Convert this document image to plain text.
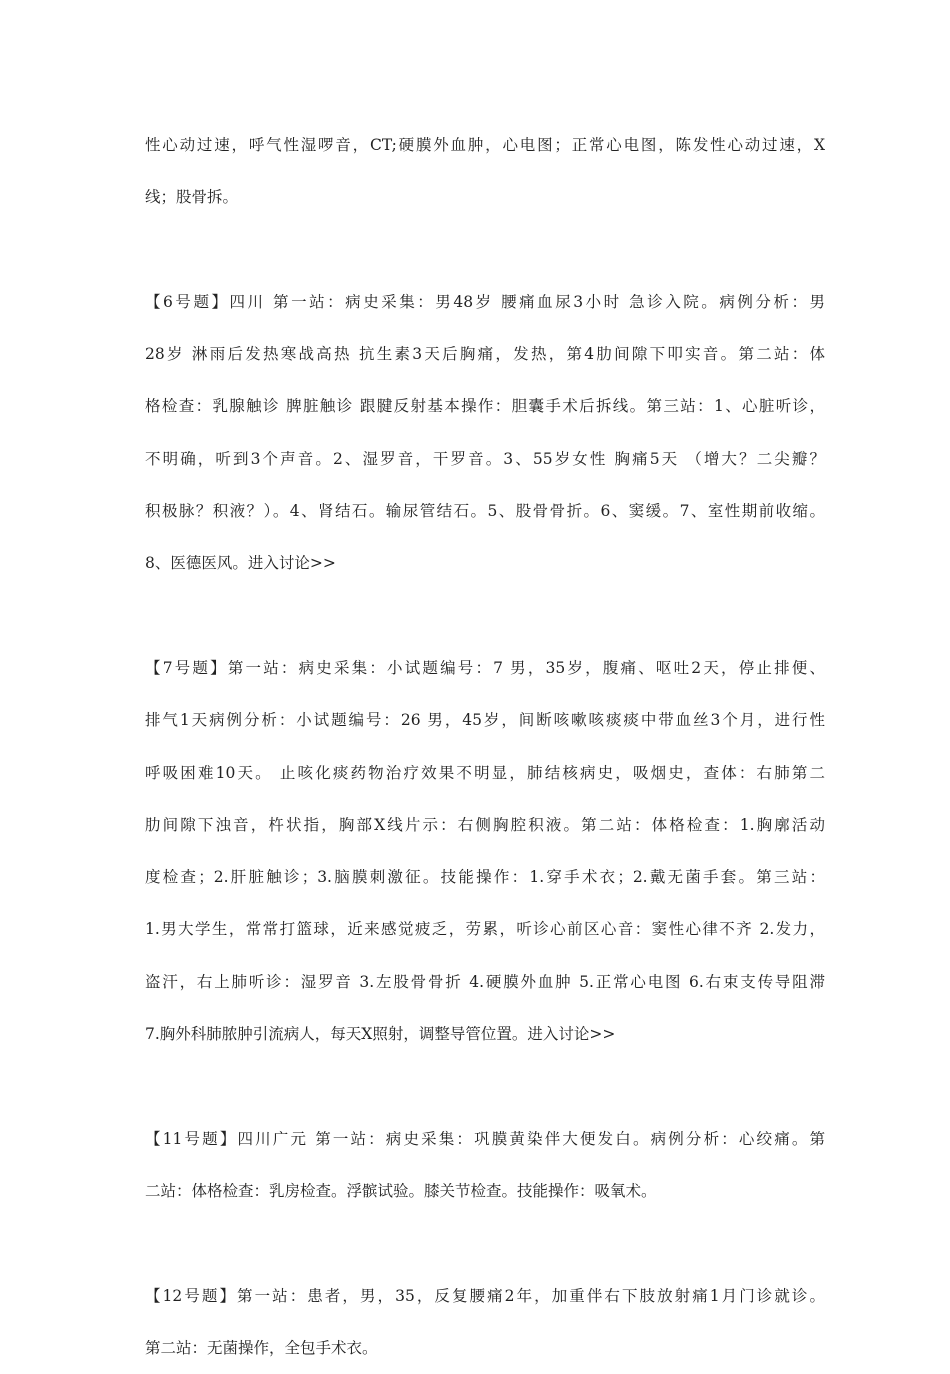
性心动过速，呼气性湿啰音，CT;硬膜外血肿，心电图；正常心电图，陈发性心动过速，X
线；股骨拆。
【6号题】四川 第一站：病史采集：男48岁 腰痛血尿3小时 急诊入院。病例分析：男
28岁 淋雨后发热寒战高热 抗生素3天后胸痛，发热，第4肋间隙下叩实音。第二站：体
格检查：乳腺触诊 脾脏触诊 跟腱反射基本操作：胆囊手术后拆线。第三站：1、心脏听诊，
不明确，听到3个声音。2、湿罗音，干罗音。3、55岁女性 胸痛5天 （增大？二尖瓣？
积极脉？积液？）。4、肾结石。输尿管结石。5、股骨骨折。6、窦缓。7、室性期前收缩。
8、医德医风。进入讨论>>
【7号题】第一站：病史采集：小试题编号：7 男，35岁，腹痛、呕吐2天，停止排便、
排气1天病例分析：小试题编号：26 男，45岁，间断咳嗽咳痰痰中带血丝3个月，进行性
呼吸困难10天。 止咳化痰药物治疗效果不明显，肺结核病史，吸烟史，查体：右肺第二
肋间隙下浊音，杵状指，胸部X线片示：右侧胸腔积液。第二站：体格检查：1.胸廓活动
度检查；2.肝脏触诊；3.脑膜刺激征。技能操作：1.穿手术衣；2.戴无菌手套。第三站：
1.男大学生，常常打篮球，近来感觉疲乏，劳累，听诊心前区心音：窦性心律不齐 2.发力，
盗汗，右上肺听诊：湿罗音 3.左股骨骨折 4.硬膜外血肿 5.正常心电图 6.右束支传导阻滞
7.胸外科肺脓肿引流病人，每天X照射，调整导管位置。进入讨论>>
【11号题】四川广元 第一站：病史采集：巩膜黄染伴大便发白。病例分析：心绞痛。第
二站：体格检查：乳房检查。浮髌试验。膝关节检查。技能操作：吸氧术。
【12号题】第一站：患者，男，35，反复腰痛2年，加重伴右下肢放射痛1月门诊就诊。
第二站：无菌操作，全包手术衣。
